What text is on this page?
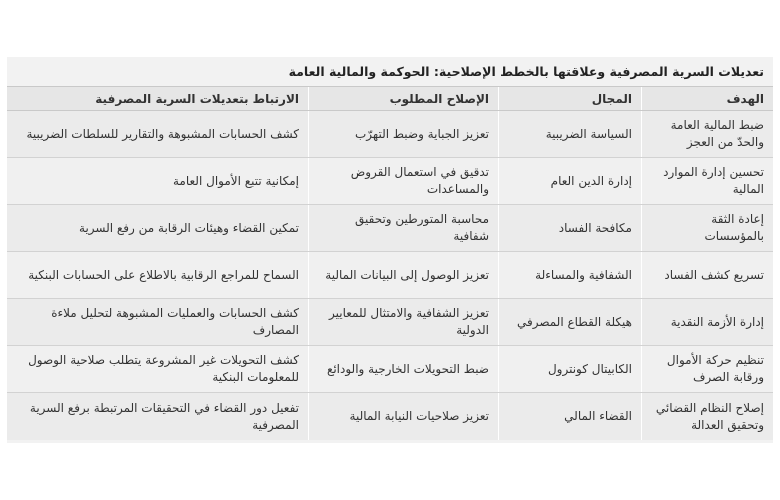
تعديلات السرية المصرفية وعلاقتها بالخطط الإصلاحية: الحوكمة والمالية العامة
الهدف
المجال
الإصلاح المطلوب
الارتباط بتعديلات السرية المصرفية
ضبط المالية العامة والحدّ من العجز
السياسة الضريبية
تعزيز الجباية وضبط التهرّب
كشف الحسابات المشبوهة والتقارير للسلطات الضريبية
تحسين إدارة الموارد المالية
إدارة الدين العام
تدقيق في استعمال القروض والمساعدات
إمكانية تتبع الأموال العامة
إعادة الثقة بالمؤسسات
مكافحة الفساد
محاسبة المتورطين وتحقيق شفافية
تمكين القضاء وهيئات الرقابة من رفع السرية
تسريع كشف الفساد
الشفافية والمساءلة
تعزيز الوصول إلى البيانات المالية
السماح للمراجع الرقابية بالاطلاع على الحسابات البنكية
إدارة الأزمة النقدية
هيكلة القطاع المصرفي
تعزيز الشفافية والامتثال للمعايير الدولية
كشف الحسابات والعمليات المشبوهة لتحليل ملاءة المصارف
تنظيم حركة الأموال ورقابة الصرف
الكابيتال كونترول
ضبط التحويلات الخارجية والودائع
كشف التحويلات غير المشروعة يتطلب صلاحية الوصول للمعلومات البنكية
إصلاح النظام القضائي وتحقيق العدالة
القضاء المالي
تعزيز صلاحيات النيابة المالية
تفعيل دور القضاء في التحقيقات المرتبطة برفع السرية المصرفية
